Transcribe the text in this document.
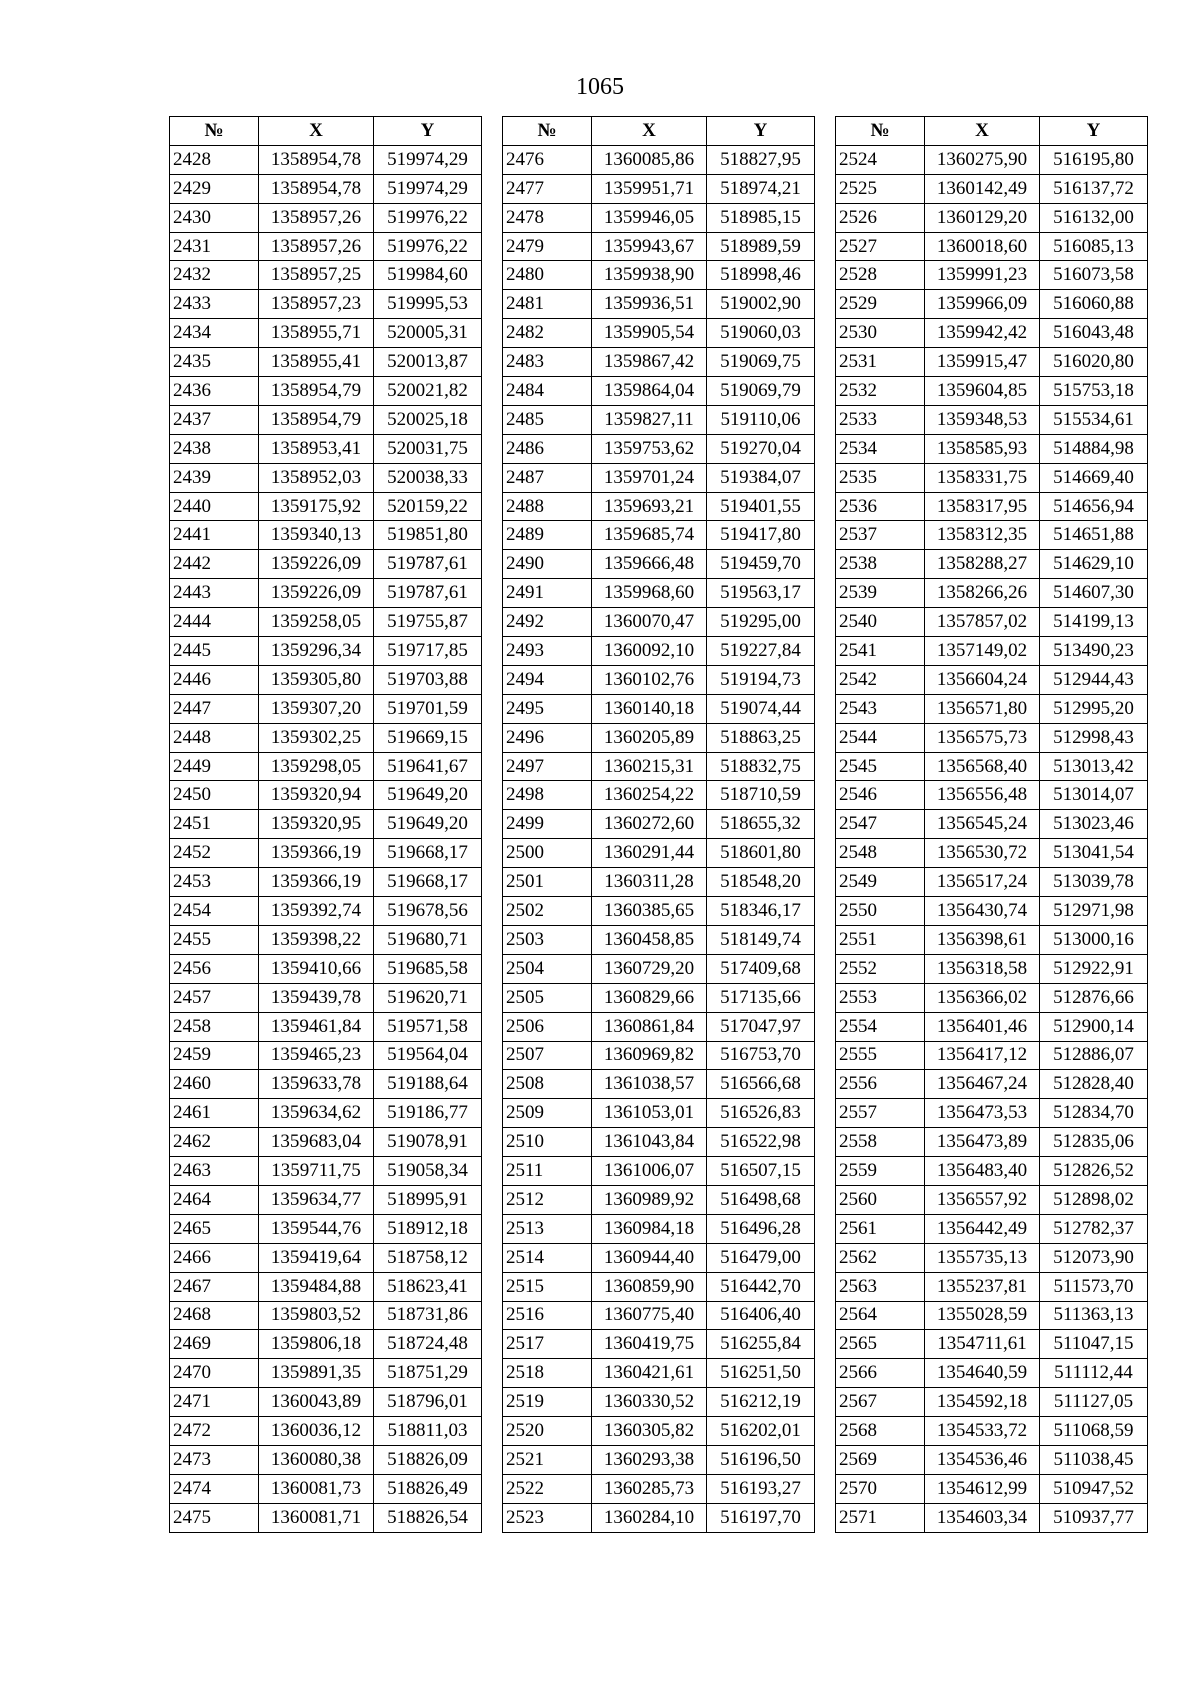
1065
№	X	Y
2428	1358954,78	519974,29
2429	1358954,78	519974,29
2430	1358957,26	519976,22
2431	1358957,26	519976,22
2432	1358957,25	519984,60
2433	1358957,23	519995,53
2434	1358955,71	520005,31
2435	1358955,41	520013,87
2436	1358954,79	520021,82
2437	1358954,79	520025,18
2438	1358953,41	520031,75
2439	1358952,03	520038,33
2440	1359175,92	520159,22
2441	1359340,13	519851,80
2442	1359226,09	519787,61
2443	1359226,09	519787,61
2444	1359258,05	519755,87
2445	1359296,34	519717,85
2446	1359305,80	519703,88
2447	1359307,20	519701,59
2448	1359302,25	519669,15
2449	1359298,05	519641,67
2450	1359320,94	519649,20
2451	1359320,95	519649,20
2452	1359366,19	519668,17
2453	1359366,19	519668,17
2454	1359392,74	519678,56
2455	1359398,22	519680,71
2456	1359410,66	519685,58
2457	1359439,78	519620,71
2458	1359461,84	519571,58
2459	1359465,23	519564,04
2460	1359633,78	519188,64
2461	1359634,62	519186,77
2462	1359683,04	519078,91
2463	1359711,75	519058,34
2464	1359634,77	518995,91
2465	1359544,76	518912,18
2466	1359419,64	518758,12
2467	1359484,88	518623,41
2468	1359803,52	518731,86
2469	1359806,18	518724,48
2470	1359891,35	518751,29
2471	1360043,89	518796,01
2472	1360036,12	518811,03
2473	1360080,38	518826,09
2474	1360081,73	518826,49
2475	1360081,71	518826,54
№	X	Y
2476	1360085,86	518827,95
2477	1359951,71	518974,21
2478	1359946,05	518985,15
2479	1359943,67	518989,59
2480	1359938,90	518998,46
2481	1359936,51	519002,90
2482	1359905,54	519060,03
2483	1359867,42	519069,75
2484	1359864,04	519069,79
2485	1359827,11	519110,06
2486	1359753,62	519270,04
2487	1359701,24	519384,07
2488	1359693,21	519401,55
2489	1359685,74	519417,80
2490	1359666,48	519459,70
2491	1359968,60	519563,17
2492	1360070,47	519295,00
2493	1360092,10	519227,84
2494	1360102,76	519194,73
2495	1360140,18	519074,44
2496	1360205,89	518863,25
2497	1360215,31	518832,75
2498	1360254,22	518710,59
2499	1360272,60	518655,32
2500	1360291,44	518601,80
2501	1360311,28	518548,20
2502	1360385,65	518346,17
2503	1360458,85	518149,74
2504	1360729,20	517409,68
2505	1360829,66	517135,66
2506	1360861,84	517047,97
2507	1360969,82	516753,70
2508	1361038,57	516566,68
2509	1361053,01	516526,83
2510	1361043,84	516522,98
2511	1361006,07	516507,15
2512	1360989,92	516498,68
2513	1360984,18	516496,28
2514	1360944,40	516479,00
2515	1360859,90	516442,70
2516	1360775,40	516406,40
2517	1360419,75	516255,84
2518	1360421,61	516251,50
2519	1360330,52	516212,19
2520	1360305,82	516202,01
2521	1360293,38	516196,50
2522	1360285,73	516193,27
2523	1360284,10	516197,70
№	X	Y
2524	1360275,90	516195,80
2525	1360142,49	516137,72
2526	1360129,20	516132,00
2527	1360018,60	516085,13
2528	1359991,23	516073,58
2529	1359966,09	516060,88
2530	1359942,42	516043,48
2531	1359915,47	516020,80
2532	1359604,85	515753,18
2533	1359348,53	515534,61
2534	1358585,93	514884,98
2535	1358331,75	514669,40
2536	1358317,95	514656,94
2537	1358312,35	514651,88
2538	1358288,27	514629,10
2539	1358266,26	514607,30
2540	1357857,02	514199,13
2541	1357149,02	513490,23
2542	1356604,24	512944,43
2543	1356571,80	512995,20
2544	1356575,73	512998,43
2545	1356568,40	513013,42
2546	1356556,48	513014,07
2547	1356545,24	513023,46
2548	1356530,72	513041,54
2549	1356517,24	513039,78
2550	1356430,74	512971,98
2551	1356398,61	513000,16
2552	1356318,58	512922,91
2553	1356366,02	512876,66
2554	1356401,46	512900,14
2555	1356417,12	512886,07
2556	1356467,24	512828,40
2557	1356473,53	512834,70
2558	1356473,89	512835,06
2559	1356483,40	512826,52
2560	1356557,92	512898,02
2561	1356442,49	512782,37
2562	1355735,13	512073,90
2563	1355237,81	511573,70
2564	1355028,59	511363,13
2565	1354711,61	511047,15
2566	1354640,59	511112,44
2567	1354592,18	511127,05
2568	1354533,72	511068,59
2569	1354536,46	511038,45
2570	1354612,99	510947,52
2571	1354603,34	510937,77
